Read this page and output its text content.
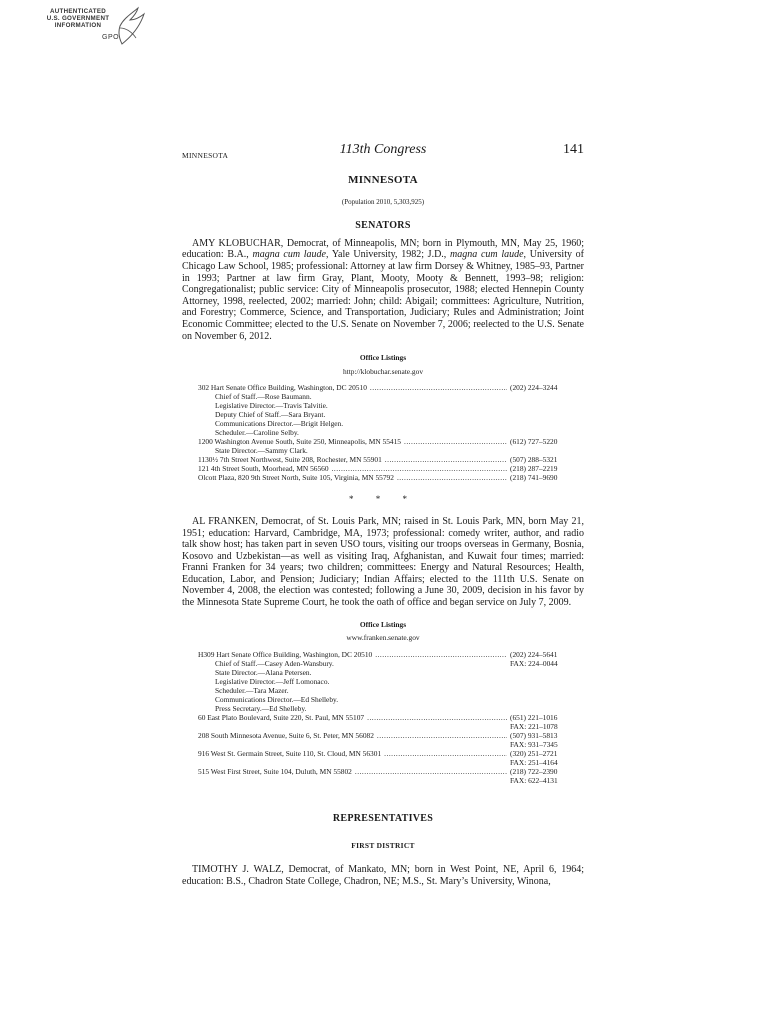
AUTHENTICATED
U.S. GOVERNMENT
INFORMATION
GPO
MINNESOTA	113th Congress	141
MINNESOTA
(Population 2010, 5,303,925)
SENATORS
AMY KLOBUCHAR, Democrat, of Minneapolis, MN; born in Plymouth, MN, May 25, 1960; education: B.A., magna cum laude, Yale University, 1982; J.D., magna cum laude, University of Chicago Law School, 1985; professional: Attorney at law firm Dorsey & Whitney, 1985–93, Partner in 1993; Partner at law firm Gray, Plant, Mooty, Mooty & Bennett, 1993–98; religion: Congregationalist; public service: City of Minneapolis prosecutor, 1988; elected Hennepin County Attorney, 1998, reelected, 2002; married: John; child: Abigail; committees: Agriculture, Nutrition, and Forestry; Commerce, Science, and Transportation, Judiciary; Rules and Administration; Joint Economic Committee; elected to the U.S. Senate on November 7, 2006; reelected to the U.S. Senate on November 6, 2012.
Office Listings
http://klobuchar.senate.gov
302 Hart Senate Office Building, Washington, DC 20510 .....	(202) 224–3244
Chief of Staff.—Rose Baumann.
Legislative Director.—Travis Talvitie.
Deputy Chief of Staff.—Sara Bryant.
Communications Director.—Brigit Helgen.
Scheduler.—Caroline Selby.
1200 Washington Avenue South, Suite 250, Minneapolis, MN 55415 .....	(612) 727–5220
State Director.—Sammy Clark.
1130½ 7th Street Northwest, Suite 208, Rochester, MN 55901 .....	(507) 288–5321
121 4th Street South, Moorhead, MN 56560 .....	(218) 287–2219
Olcott Plaza, 820 9th Street North, Suite 105, Virginia, MN 55792 .....	(218) 741–9690
* * *
AL FRANKEN, Democrat, of St. Louis Park, MN; raised in St. Louis Park, MN, born May 21, 1951; education: Harvard, Cambridge, MA, 1973; professional: comedy writer, author, and radio talk show host; has taken part in seven USO tours, visiting our troops overseas in Germany, Bosnia, Kosovo and Uzbekistan—as well as visiting Iraq, Afghanistan, and Kuwait four times; married: Franni Franken for 34 years; two children; committees: Energy and Natural Resources; Health, Education, Labor, and Pension; Judiciary; Indian Affairs; elected to the 111th U.S. Senate on November 4, 2008, the election was contested; following a June 30, 2009, decision in his favor by the Minnesota State Supreme Court, he took the oath of office and began service on July 7, 2009.
Office Listings
www.franken.senate.gov
H309 Hart Senate Office Building, Washington, DC 20510 .....	(202) 224–5641
Chief of Staff.—Casey Aden-Wansbury.	FAX: 224–0044
State Director.—Alana Petersen.
Legislative Director.—Jeff Lomonaco.
Scheduler.—Tara Mazer.
Communications Director.—Ed Shelleby.
Press Secretary.—Ed Shelleby.
60 East Plato Boulevard, Suite 220, St. Paul, MN 55107 .....	(651) 221–1016
FAX: 221–1078
208 South Minnesota Avenue, Suite 6, St. Peter, MN 56082 .....	(507) 931–5813
FAX: 931–7345
916 West St. Germain Street, Suite 110, St. Cloud, MN 56301 .....	(320) 251–2721
FAX: 251–4164
515 West First Street, Suite 104, Duluth, MN 55802 .....	(218) 722–2390
FAX: 622–4131
REPRESENTATIVES
FIRST DISTRICT
TIMOTHY J. WALZ, Democrat, of Mankato, MN; born in West Point, NE, April 6, 1964; education: B.S., Chadron State College, Chadron, NE; M.S., St. Mary’s University, Winona,
